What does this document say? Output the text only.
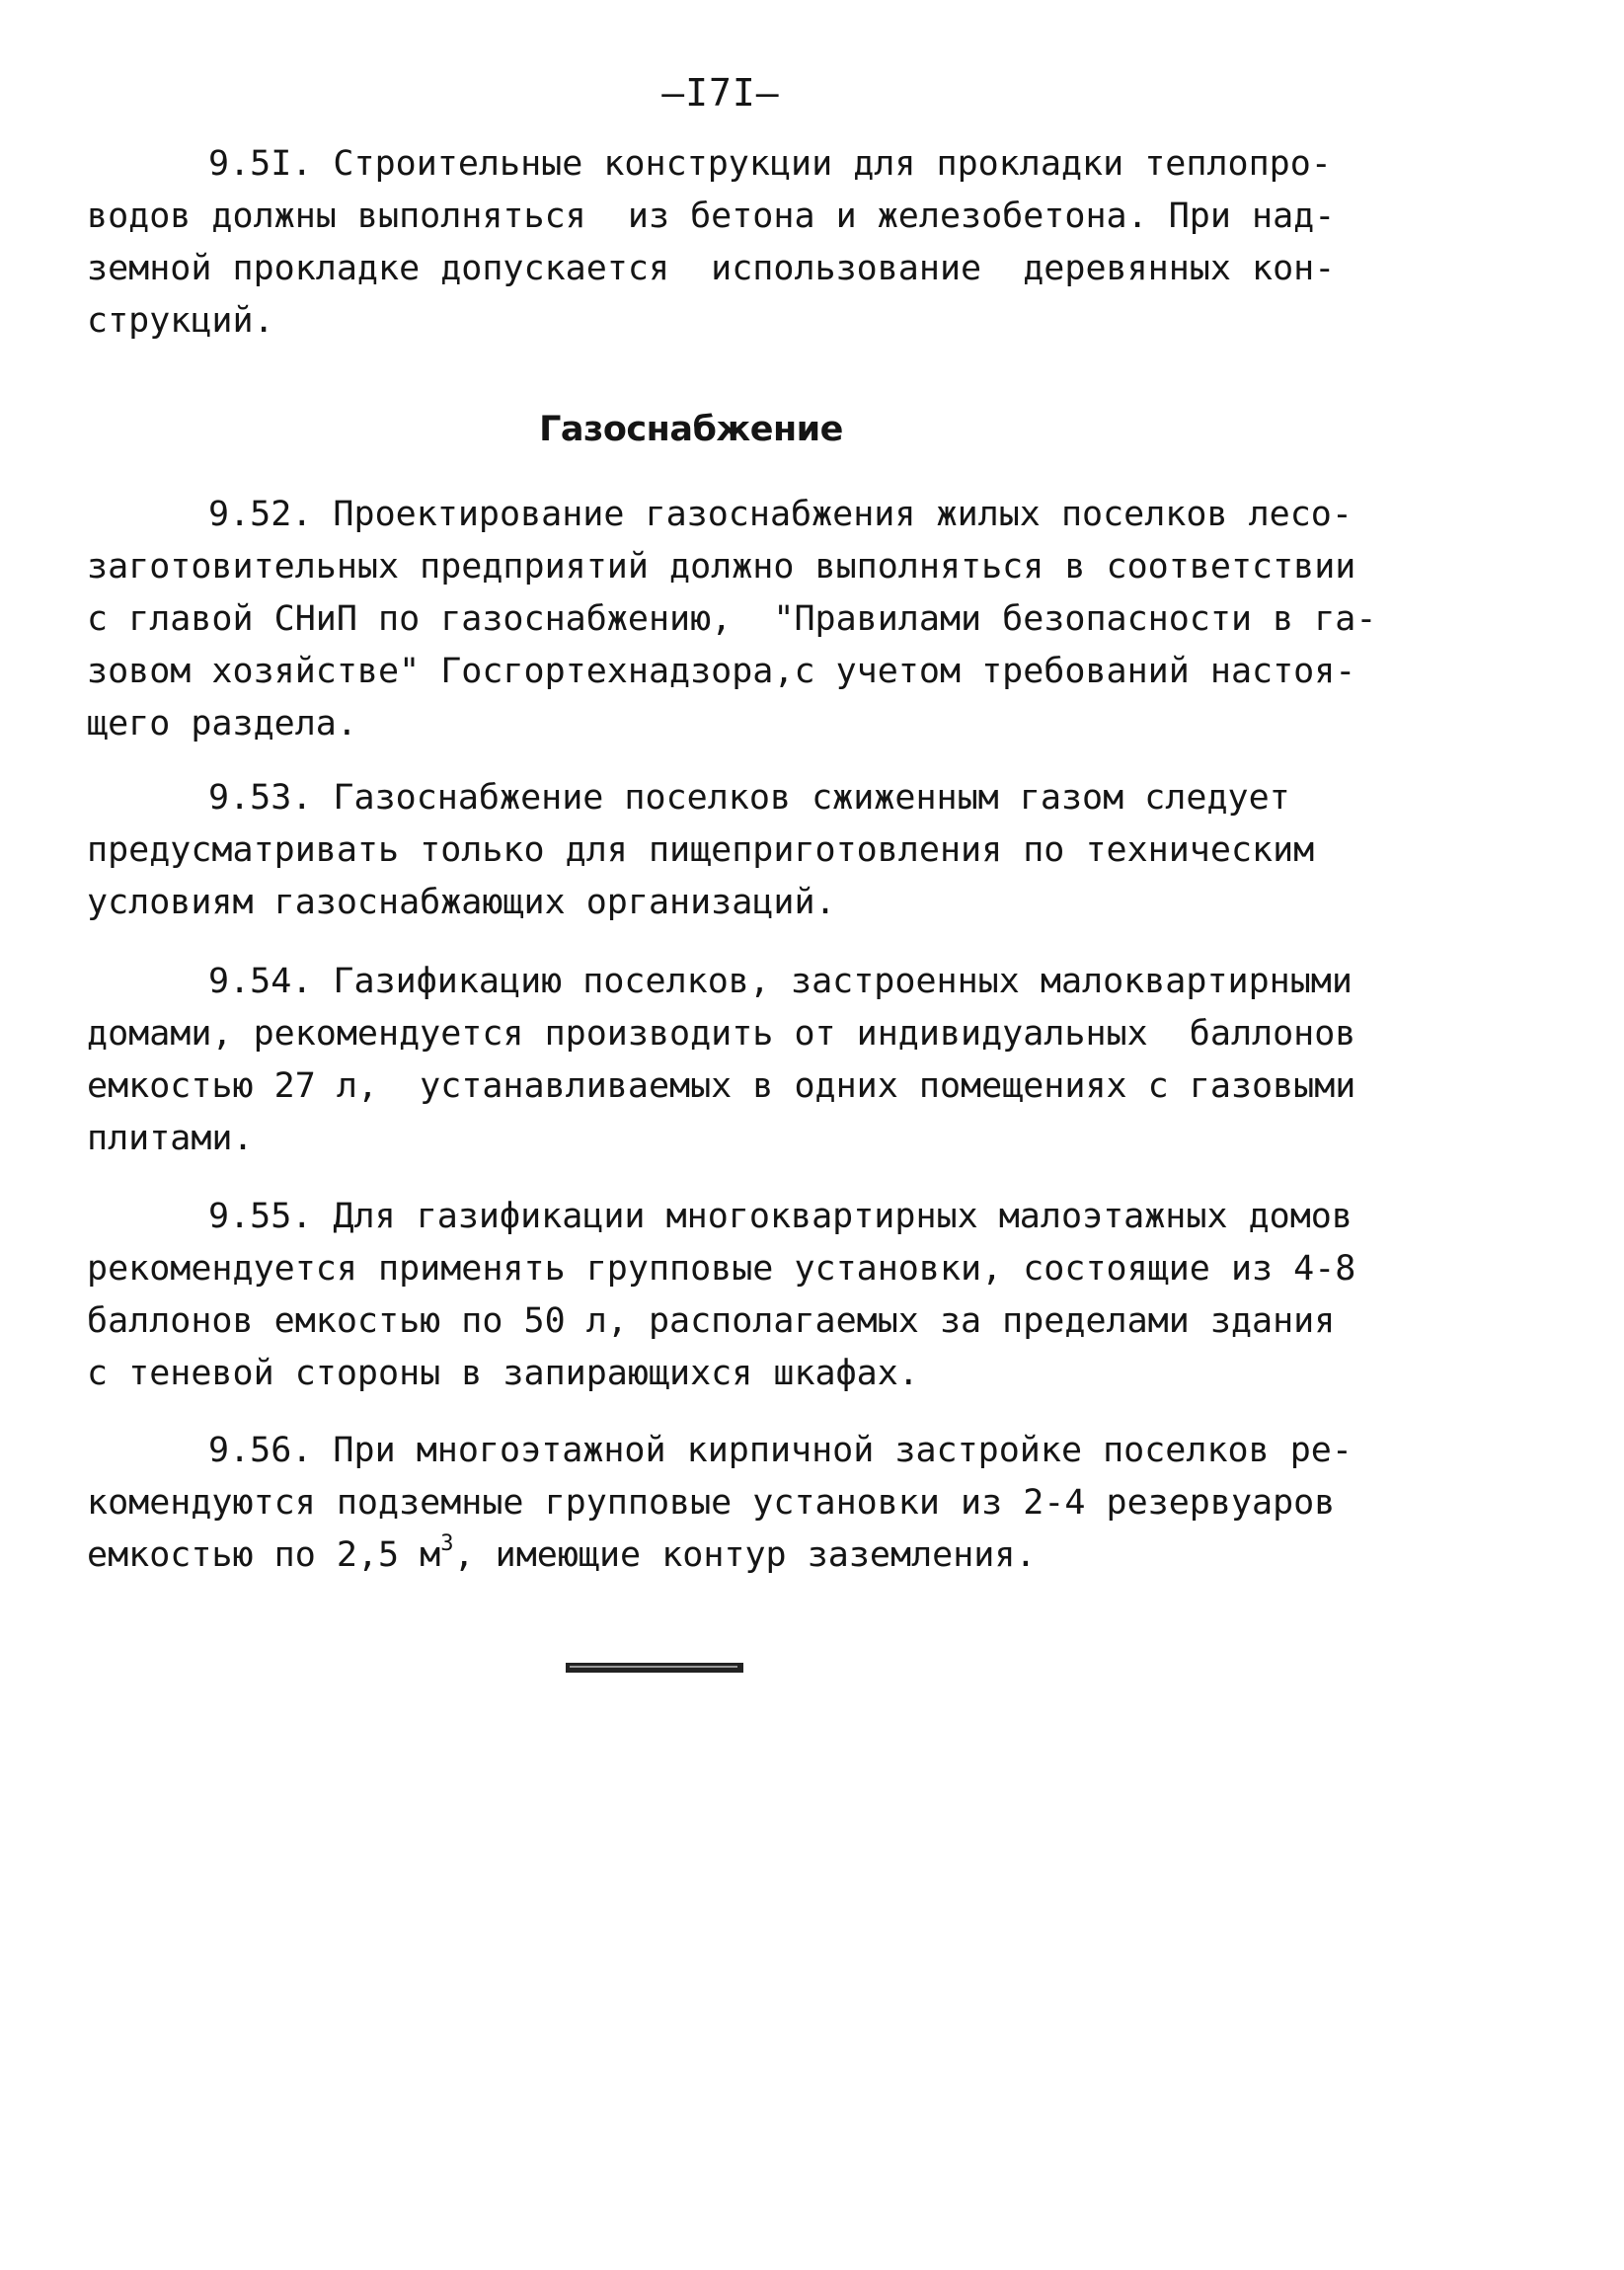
—I7I—
9.5I. Строительные конструкции для прокладки теплопро-
водов должны выполняться  из бетона и железобетона. При над-
земной прокладке допускается  использование  деревянных кон-
струкций.
Газоснабжение
9.52. Проектирование газоснабжения жилых поселков лесо-
заготовительных предприятий должно выполняться в соответствии
с главой СНиП по газоснабжению,  "Правилами безопасности в га-
зовом хозяйстве" Госгортехнадзора,с учетом требований настоя-
щего раздела.
9.53. Газоснабжение поселков сжиженным газом следует
предусматривать только для пищеприготовления по техническим
условиям газоснабжающих организаций.
9.54. Газификацию поселков, застроенных малоквартирными
домами, рекомендуется производить от индивидуальных  баллонов
емкостью 27 л,  устанавливаемых в одних помещениях с газовыми
плитами.
9.55. Для газификации многоквартирных малоэтажных домов
рекомендуется применять групповые установки, состоящие из 4-8
баллонов емкостью по 50 л, располагаемых за пределами здания
с теневой стороны в запирающихся шкафах.
9.56. При многоэтажной кирпичной застройке поселков ре-
комендуются подземные групповые установки из 2-4 резервуаров
емкостью по 2,5 $м^3$, имеющие контур заземления.
